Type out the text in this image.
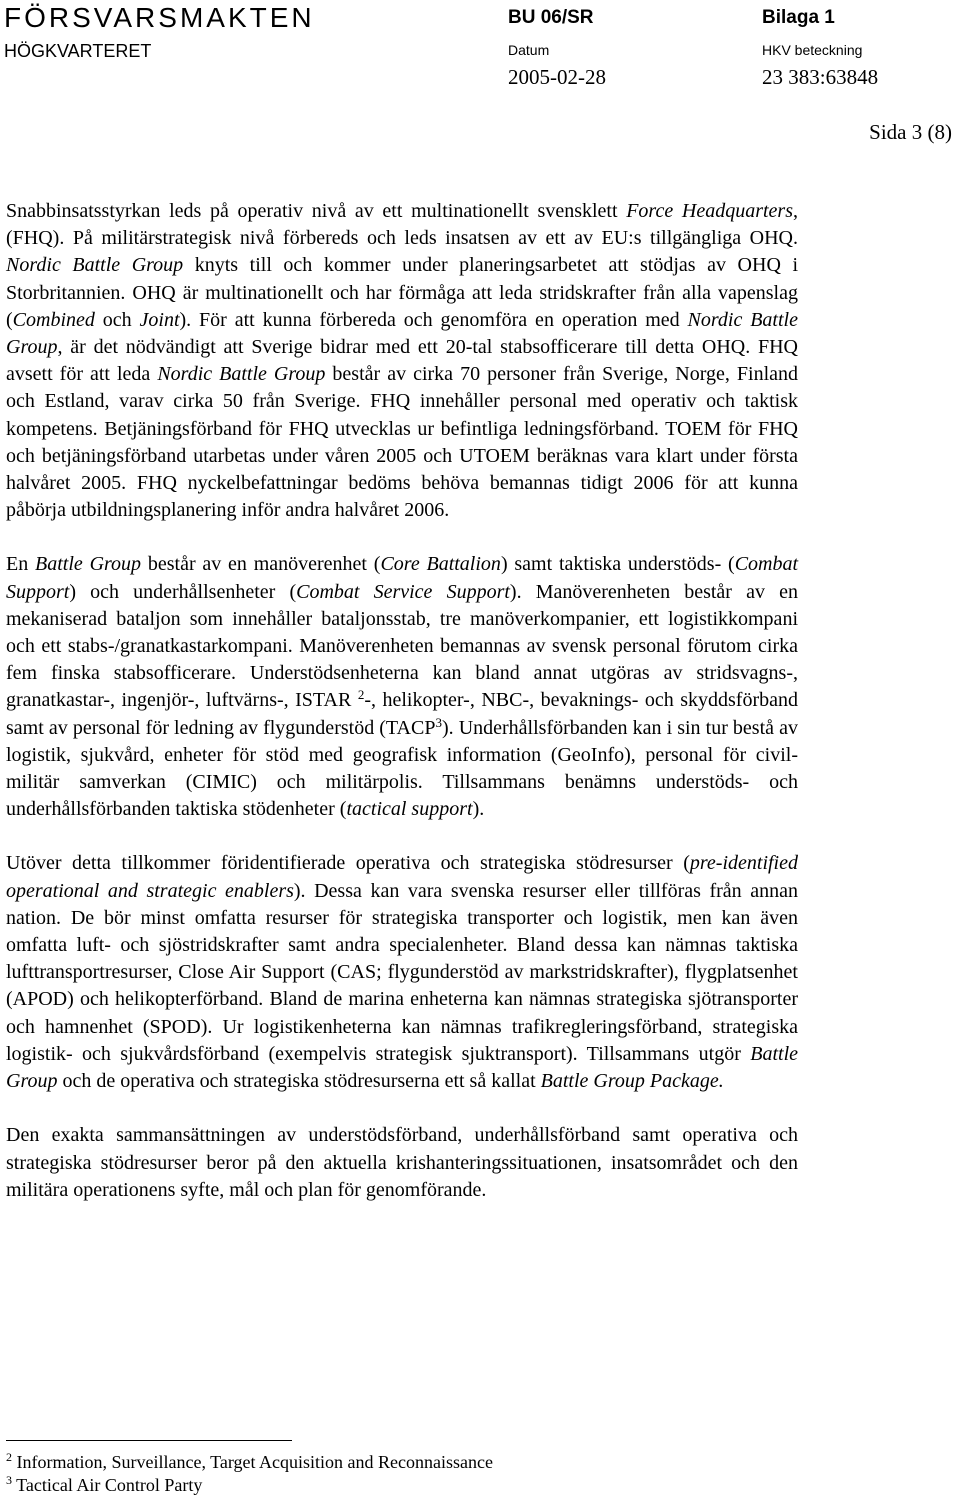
FÖRSVARSMAKTEN
HÖGKVARTERET
BU 06/SR	Bilaga 1
Datum	HKV beteckning
2005-02-28	23 383:63848
Sida 3 (8)

Snabbinsatsstyrkan leds på operativ nivå av ett multinationellt svensklett Force Headquarters, (FHQ). På militärstrategisk nivå förbereds och leds insatsen av ett av EU:s tillgängliga OHQ. Nordic Battle Group knyts till och kommer under planeringsarbetet att stödjas av OHQ i Storbritannien. OHQ är multinationellt och har förmåga att leda stridskrafter från alla vapenslag (Combined och Joint). För att kunna förbereda och genomföra en operation med Nordic Battle Group, är det nödvändigt att Sverige bidrar med ett 20-tal stabsofficerare till detta OHQ. FHQ avsett för att leda Nordic Battle Group består av cirka 70 personer från Sverige, Norge, Finland och Estland, varav cirka 50 från Sverige. FHQ innehåller personal med operativ och taktisk kompetens. Betjäningsförband för FHQ utvecklas ur befintliga ledningsförband. TOEM för FHQ och betjäningsförband utarbetas under våren 2005 och UTOEM beräknas vara klart under första halvåret 2005. FHQ nyckelbefattningar bedöms behöva bemannas tidigt 2006 för att kunna påbörja utbildningsplanering inför andra halvåret 2006.

En Battle Group består av en manöverenhet (Core Battalion) samt taktiska understöds- (Combat Support) och underhållsenheter (Combat Service Support). Manöverenheten består av en mekaniserad bataljon som innehåller bataljonsstab, tre manöverkompanier, ett logistikkompani och ett stabs-/granatkastarkompani. Manöverenheten bemannas av svensk personal förutom cirka fem finska stabsofficerare. Understödsenheterna kan bland annat utgöras av stridsvagns-, granatkastar-, ingenjör-, luftvärns-, ISTAR $^2$-, helikopter-, NBC-, bevaknings- och skyddsförband samt av personal för ledning av flygunderstöd (TACP$^3$). Underhållsförbanden kan i sin tur bestå av logistik, sjukvård, enheter för stöd med geografisk information (GeoInfo), personal för civil-militär samverkan (CIMIC) och militärpolis. Tillsammans benämns understöds- och underhållsförbanden taktiska stödenheter (tactical support).

Utöver detta tillkommer föridentifierade operativa och strategiska stödresurser (pre-identified operational and strategic enablers). Dessa kan vara svenska resurser eller tillföras från annan nation. De bör minst omfatta resurser för strategiska transporter och logistik, men kan även omfatta luft- och sjöstridskrafter samt andra specialenheter. Bland dessa kan nämnas taktiska lufttransportresurser, Close Air Support (CAS; flygunderstöd av markstridskrafter), flygplatsenhet (APOD) och helikopterförband. Bland de marina enheterna kan nämnas strategiska sjötransporter och hamnenhet (SPOD). Ur logistikenheterna kan nämnas trafikregleringsförband, strategiska logistik- och sjukvårdsförband (exempelvis strategisk sjuktransport). Tillsammans utgör Battle Group och de operativa och strategiska stödresurserna ett så kallat Battle Group Package.

Den exakta sammansättningen av understödsförband, underhållsförband samt operativa och strategiska stödresurser beror på den aktuella krishanteringssituationen, insatsområdet och den militära operationens syfte, mål och plan för genomförande.

$^2$ Information, Surveillance, Target Acquisition and Reconnaissance
$^3$ Tactical Air Control Party
